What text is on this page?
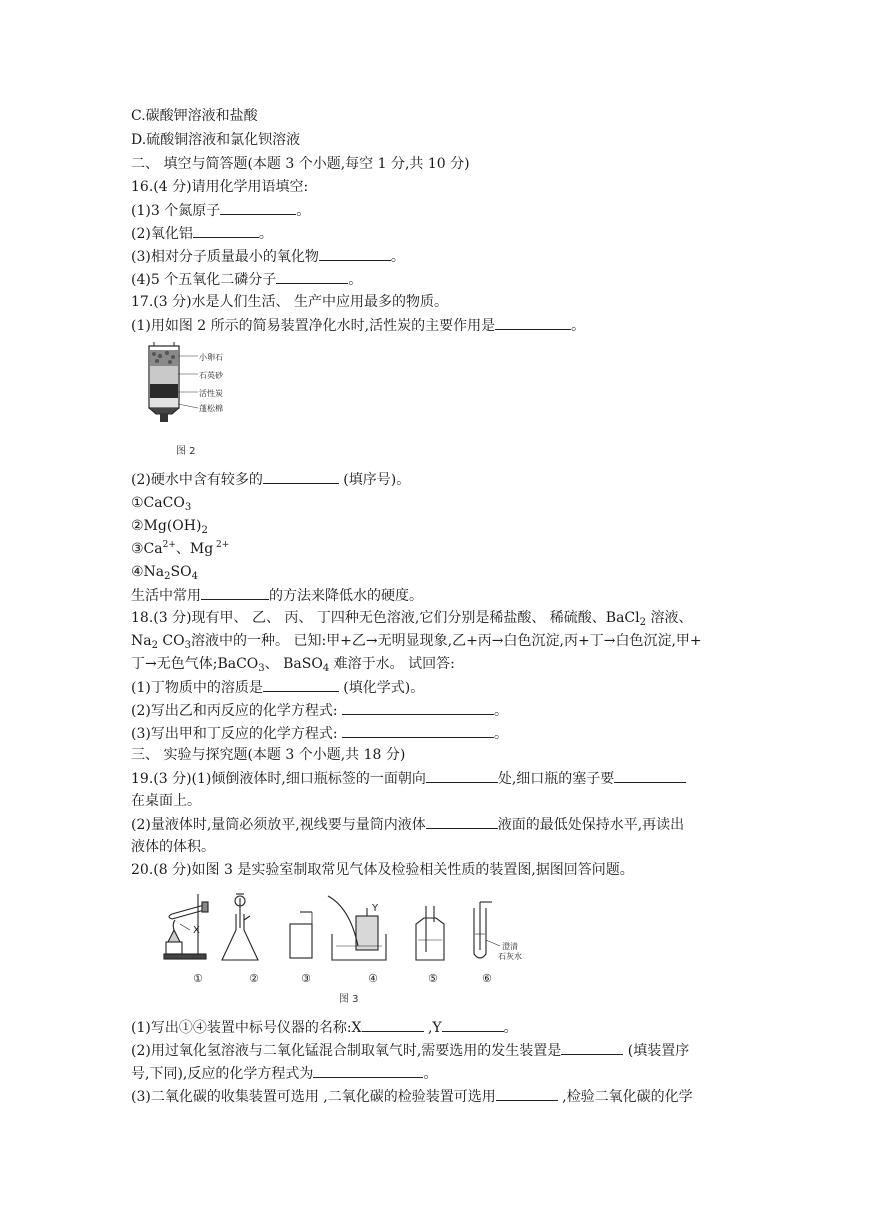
C.碳酸钾溶液和盐酸
D.硫酸铜溶液和氯化钡溶液
二、 填空与简答题(本题 3 个小题,每空 1 分,共 10 分)
16.(4 分)请用化学用语填空:
(1)3 个氮原子	。
(2)氧化铝	。
(3)相对分子质量最小的氧化物	。
(4)5 个五氧化二磷分子	。
17.(3 分)水是人们生活、 生产中应用最多的物质。
(1)用如图 2 所示的简易装置净化水时,活性炭的主要作用是	。
小卵石
石英砂
活性炭
蓬松棉
图 2
(2)硬水中含有较多的	(填序号)。
①CaCO$_3$
$②Mg(OH)_2$
$③Ca^{2+}$、Mg $^{2+}$
$④Na_2SO_4$
生活中常用	的方法来降低水的硬度。
18.(3 分)现有甲、 乙、 丙、 丁四种无色溶液,它们分别是稀盐酸、 稀硫酸、BaCl$_2$ 溶液、
$Na_2$ $CO_3$溶液中的一种。 已知:甲+乙→无明显现象,乙+丙→白色沉淀,丙+丁→白色沉淀,甲+
丁→无色气体;BaCO$_3$、 BaSO$_4$ 难溶于水。 试回答:
(1)丁物质中的溶质是	(填化学式)。
(2)写出乙和丙反应的化学方程式:	。
(3)写出甲和丁反应的化学方程式:	。
三、 实验与探究题(本题 3 个小题,共 18 分)
19.(3 分)(1)倾倒液体时,细口瓶标签的一面朝向	处,细口瓶的塞子要
在桌面上。
(2)量液体时,量筒必须放平,视线要与量筒内液体	液面的最低处保持水平,再读出
液体的体积。
20.(8 分)如图 3 是实验室制取常见气体及检验相关性质的装置图,据图回答问题。
X
Y
①	②	③	④	⑤	⑥
澄清
石灰水
图 3
(1)写出①④装置中标号仪器的名称:X	,Y	。
(2)用过氧化氢溶液与二氧化锰混合制取氧气时,需要选用的发生装置是	(填装置序
号,下同),反应的化学方程式为	。
(3)二氧化碳的收集装置可选用 ,二氧化碳的检验装置可选用	,检验二氧化碳的化学
